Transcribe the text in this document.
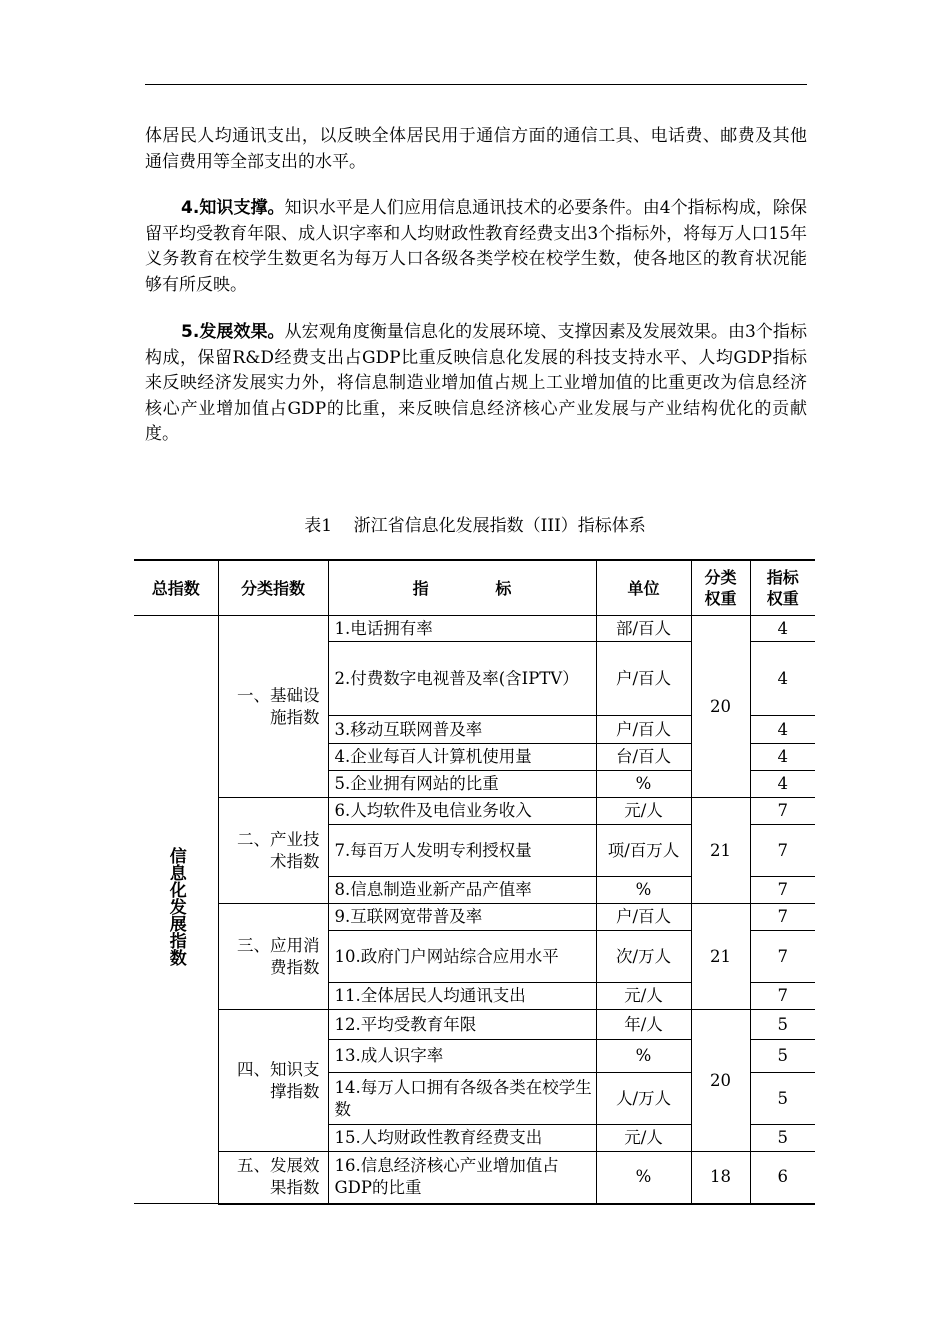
体居民人均通讯支出，以反映全体居民用于通信方面的通信工具、电话费、邮费及其他通信费用等全部支出的水平。

4.知识支撑。知识水平是人们应用信息通讯技术的必要条件。由4个指标构成，除保留平均受教育年限、成人识字率和人均财政性教育经费支出3个指标外，将每万人口15年义务教育在校学生数更名为每万人口各级各类学校在校学生数，使各地区的教育状况能够有所反映。

5.发展效果。从宏观角度衡量信息化的发展环境、支撑因素及发展效果。由3个指标构成，保留R&D经费支出占GDP比重反映信息化发展的科技支持水平、人均GDP指标来反映经济发展实力外，将信息制造业增加值占规上工业增加值的比重更改为信息经济核心产业增加值占GDP的比重，来反映信息经济核心产业发展与产业结构优化的贡献度。

表1    浙江省信息化发展指数（III）指标体系
总指数	分类指数	指            标	单位	分类权重	指标权重
信息化发展指数	一、基础设施指数	1.电话拥有率	部/百人	20	4
		2.付费数字电视普及率(含IPTV）	户/百人		4
		3.移动互联网普及率	户/百人		4
		4.企业每百人计算机使用量	台/百人		4
		5.企业拥有网站的比重	%		4
	二、产业技术指数	6.人均软件及电信业务收入	元/人	21	7
		7.每百万人发明专利授权量	项/百万人		7
		8.信息制造业新产品产值率	%		7
	三、应用消费指数	9.互联网宽带普及率	户/百人	21	7
		10.政府门户网站综合应用水平	次/万人		7
		11.全体居民人均通讯支出	元/人		7
	四、知识支撑指数	12.平均受教育年限	年/人	20	5
		13.成人识字率	%		5
		14.每万人口拥有各级各类在校学生数	人/万人		5
		15.人均财政性教育经费支出	元/人		5
	五、发展效果指数	16.信息经济核心产业增加值占GDP的比重	%	18	6
